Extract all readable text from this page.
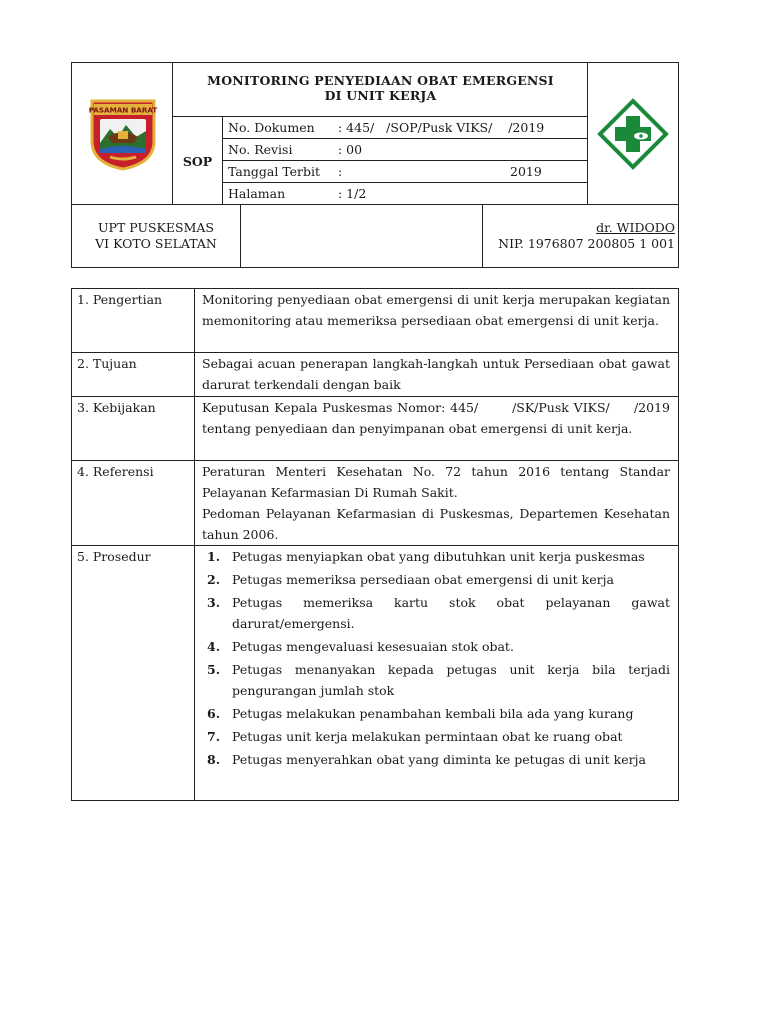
PASAMAN BARAT
MONITORING PENYEDIAAN OBAT EMERGENSI
DI UNIT KERJA
SOP
No. Dokumen : 445/   /SOP/Pusk VIKS/    /2019
No. Revisi	: 00
Tanggal Terbit :	2019
Halaman	: 1/2
UPT PUSKESMAS
VI KOTO SELATAN
dr. WIDODO
NIP. 1976807 200805 1 001
1. Pengertian	Monitoring penyediaan obat emergensi di unit kerja merupakan kegiatan memonitoring atau memeriksa persediaan obat emergensi di unit kerja.
2. Tujuan	Sebagai acuan penerapan langkah-langkah untuk Persediaan obat gawat darurat terkendali dengan baik
3. Kebijakan	Keputusan Kepala Puskesmas Nomor: 445/       /SK/Pusk VIKS/     /2019 tentang penyediaan dan penyimpanan obat emergensi di unit kerja.
4. Referensi	Peraturan Menteri Kesehatan No. 72 tahun 2016 tentang Standar Pelayanan Kefarmasian Di Rumah Sakit.
Pedoman Pelayanan Kefarmasian di Puskesmas, Departemen Kesehatan tahun 2006.
5. Prosedur	1. Petugas menyiapkan obat yang dibutuhkan unit kerja puskesmas
2. Petugas memeriksa persediaan obat emergensi di unit kerja
3. Petugas memeriksa kartu stok obat pelayanan gawat darurat/emergensi.
4. Petugas mengevaluasi kesesuaian stok obat.
5. Petugas menanyakan kepada petugas unit kerja bila terjadi pengurangan jumlah stok
6. Petugas melakukan penambahan kembali bila ada yang kurang
7. Petugas unit kerja melakukan permintaan obat ke ruang obat
8. Petugas menyerahkan obat yang diminta ke petugas di unit kerja
